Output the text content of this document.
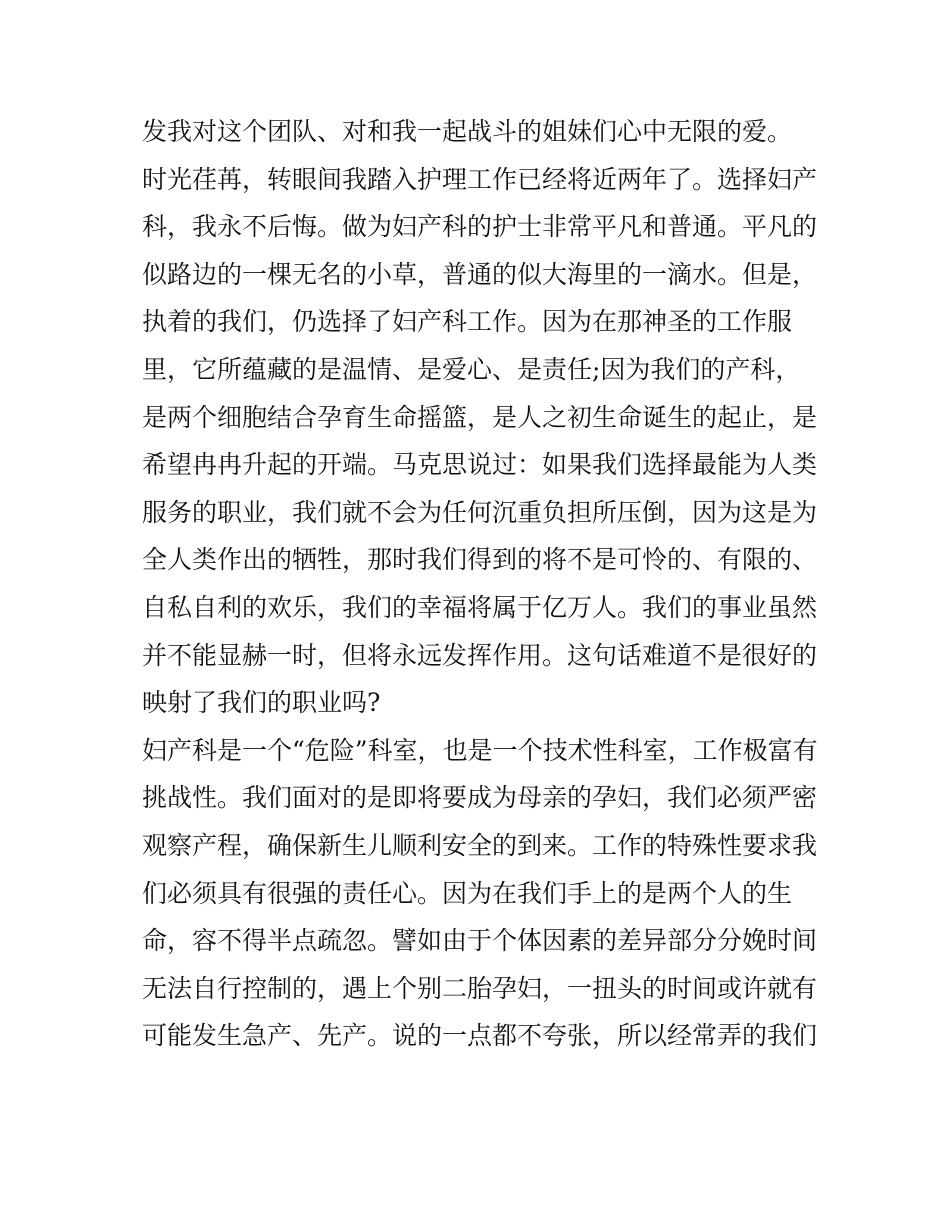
发我对这个团队、对和我一起战斗的姐妹们心中无限的爱。
时光荏苒，转眼间我踏入护理工作已经将近两年了。选择妇产
科，我永不后悔。做为妇产科的护士非常平凡和普通。平凡的
似路边的一棵无名的小草，普通的似大海里的一滴水。但是，
执着的我们，仍选择了妇产科工作。因为在那神圣的工作服
里，它所蕴藏的是温情、是爱心、是责任;因为我们的产科，
是两个细胞结合孕育生命摇篮，是人之初生命诞生的起止，是
希望冉冉升起的开端。马克思说过：如果我们选择最能为人类
服务的职业，我们就不会为任何沉重负担所压倒，因为这是为
全人类作出的牺牲，那时我们得到的将不是可怜的、有限的、
自私自利的欢乐，我们的幸福将属于亿万人。我们的事业虽然
并不能显赫一时，但将永远发挥作用。这句话难道不是很好的
映射了我们的职业吗?
妇产科是一个“危险”科室，也是一个技术性科室，工作极富有
挑战性。我们面对的是即将要成为母亲的孕妇，我们必须严密
观察产程，确保新生儿顺利安全的到来。工作的特殊性要求我
们必须具有很强的责任心。因为在我们手上的是两个人的生
命，容不得半点疏忽。譬如由于个体因素的差异部分分娩时间
无法自行控制的，遇上个别二胎孕妇，一扭头的时间或许就有
可能发生急产、先产。说的一点都不夸张，所以经常弄的我们
